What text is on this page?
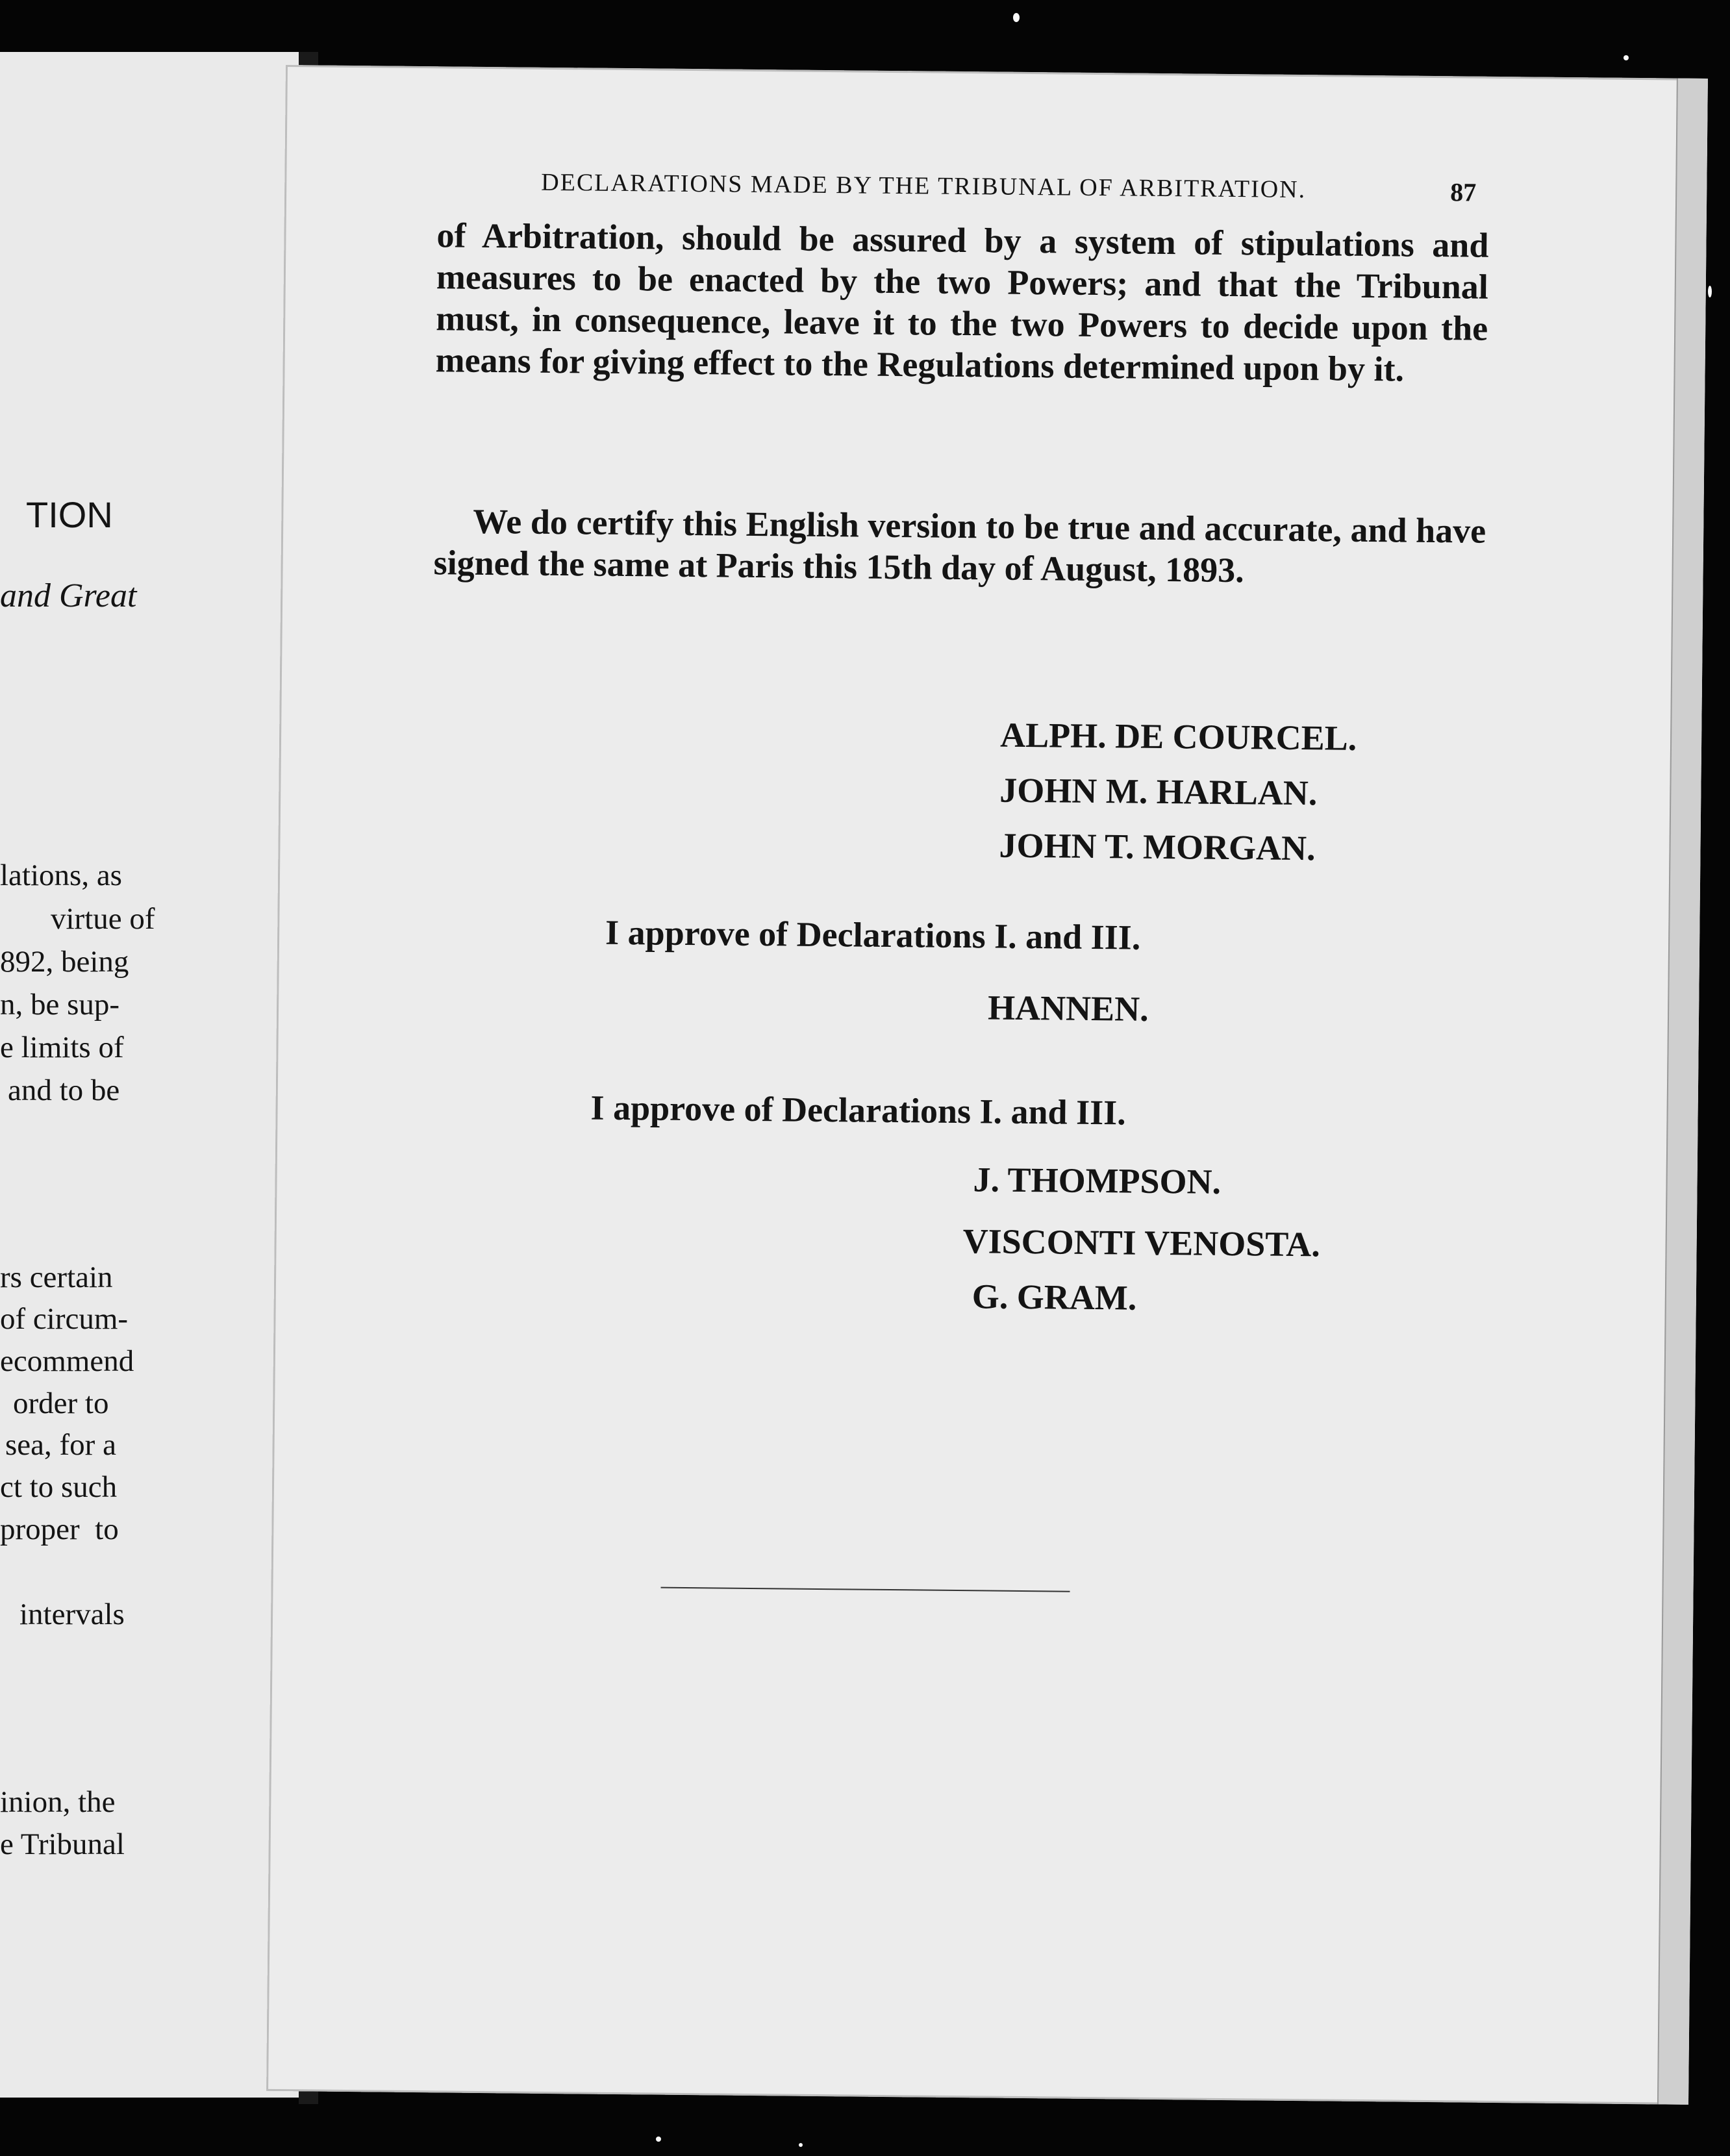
TION
and Great
lations, as
virtue of
892, being
n, be sup-
e limits of
and to be
rs certain
of circum-
ecommend
order to
sea, for a
ct to such
proper  to
intervals
inion, the
e Tribunal
DECLARATIONS MADE BY THE TRIBUNAL OF ARBITRATION.	87

of Arbitration, should be assured by a system of stipulations and measures to be enacted by the two Powers; and that the Tribunal must, in consequence, leave it to the two Powers to decide upon the means for giving effect to the Regulations determined upon by it.

We do certify this English version to be true and accurate, and have signed the same at Paris this 15th day of August, 1893.

ALPH. DE COURCEL.
JOHN M. HARLAN.
JOHN T. MORGAN.
I approve of Declarations I. and III.
HANNEN.
I approve of Declarations I. and III.
J. THOMPSON.
VISCONTI VENOSTA.
G. GRAM.
